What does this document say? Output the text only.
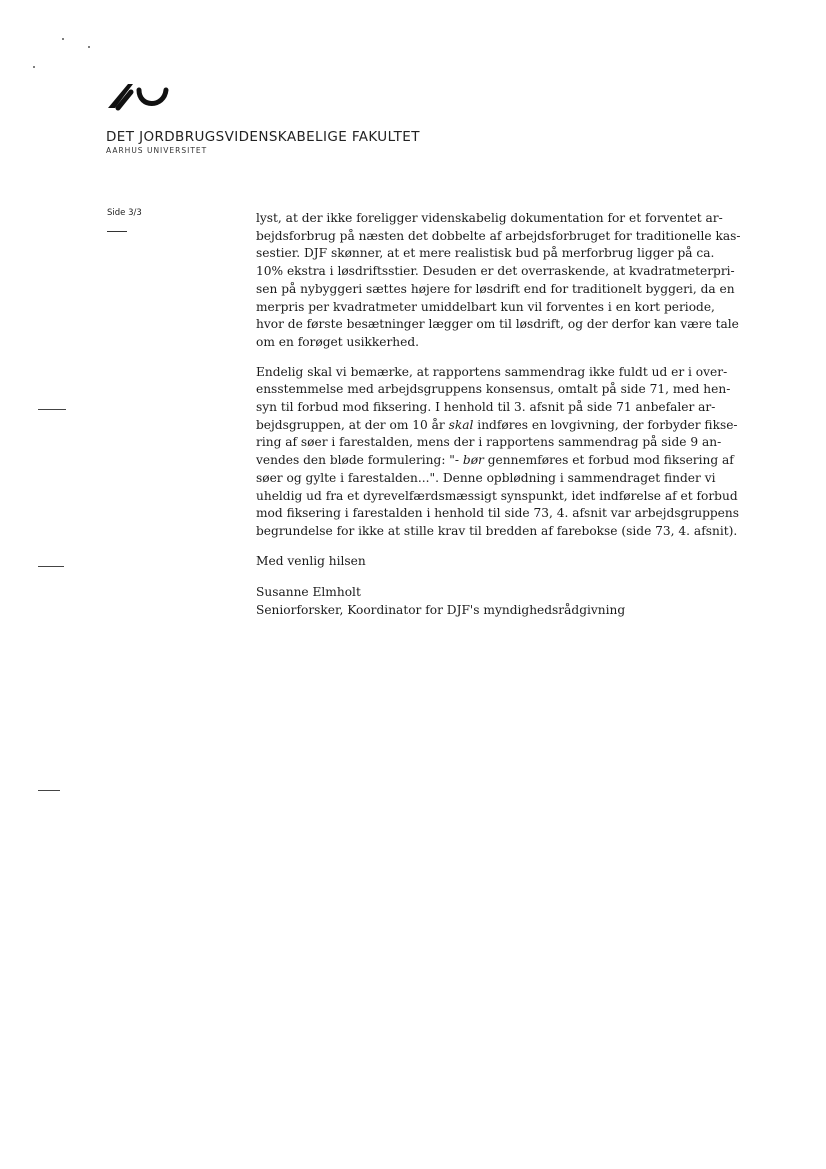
DET JORDBRUGSVIDENSKABELIGE FAKULTET
AARHUS UNIVERSITET
Side 3/3	lyst, at der ikke foreligger videnskabelig dokumentation for et forventet ar-
bejdsforbrug på næsten det dobbelte af arbejdsforbruget for traditionelle kas-
sestier. DJF skønner, at et mere realistisk bud på merforbrug ligger på ca.
10% ekstra i løsdriftsstier. Desuden er det overraskende, at kvadratmeterpri-
sen på nybyggeri sættes højere for løsdrift end for traditionelt byggeri, da en
merpris per kvadratmeter umiddelbart kun vil forventes i en kort periode,
hvor de første besætninger lægger om til løsdrift, og der derfor kan være tale
om en forøget usikkerhed.

Endelig skal vi bemærke, at rapportens sammendrag ikke fuldt ud er i over-
ensstemmelse med arbejdsgruppens konsensus, omtalt på side 71, med hen-
syn til forbud mod fiksering. I henhold til 3. afsnit på side 71 anbefaler ar-
bejdsgruppen, at der om 10 år skal indføres en lovgivning, der forbyder fikse-
ring af søer i farestalden, mens der i rapportens sammendrag på side 9 an-
vendes den bløde formulering: "- bør gennemføres et forbud mod fiksering af
søer og gylte i farestalden...". Denne opblødning i sammendraget finder vi
uheldig ud fra et dyrevelfærdsmæssigt synspunkt, idet indførelse af et forbud
mod fiksering i farestalden i henhold til side 73, 4. afsnit var arbejdsgruppens
begrundelse for ikke at stille krav til bredden af farebokse (side 73, 4. afsnit).

Med venlig hilsen

Susanne Elmholt
Seniorforsker, Koordinator for DJF's myndighedsrådgivning
